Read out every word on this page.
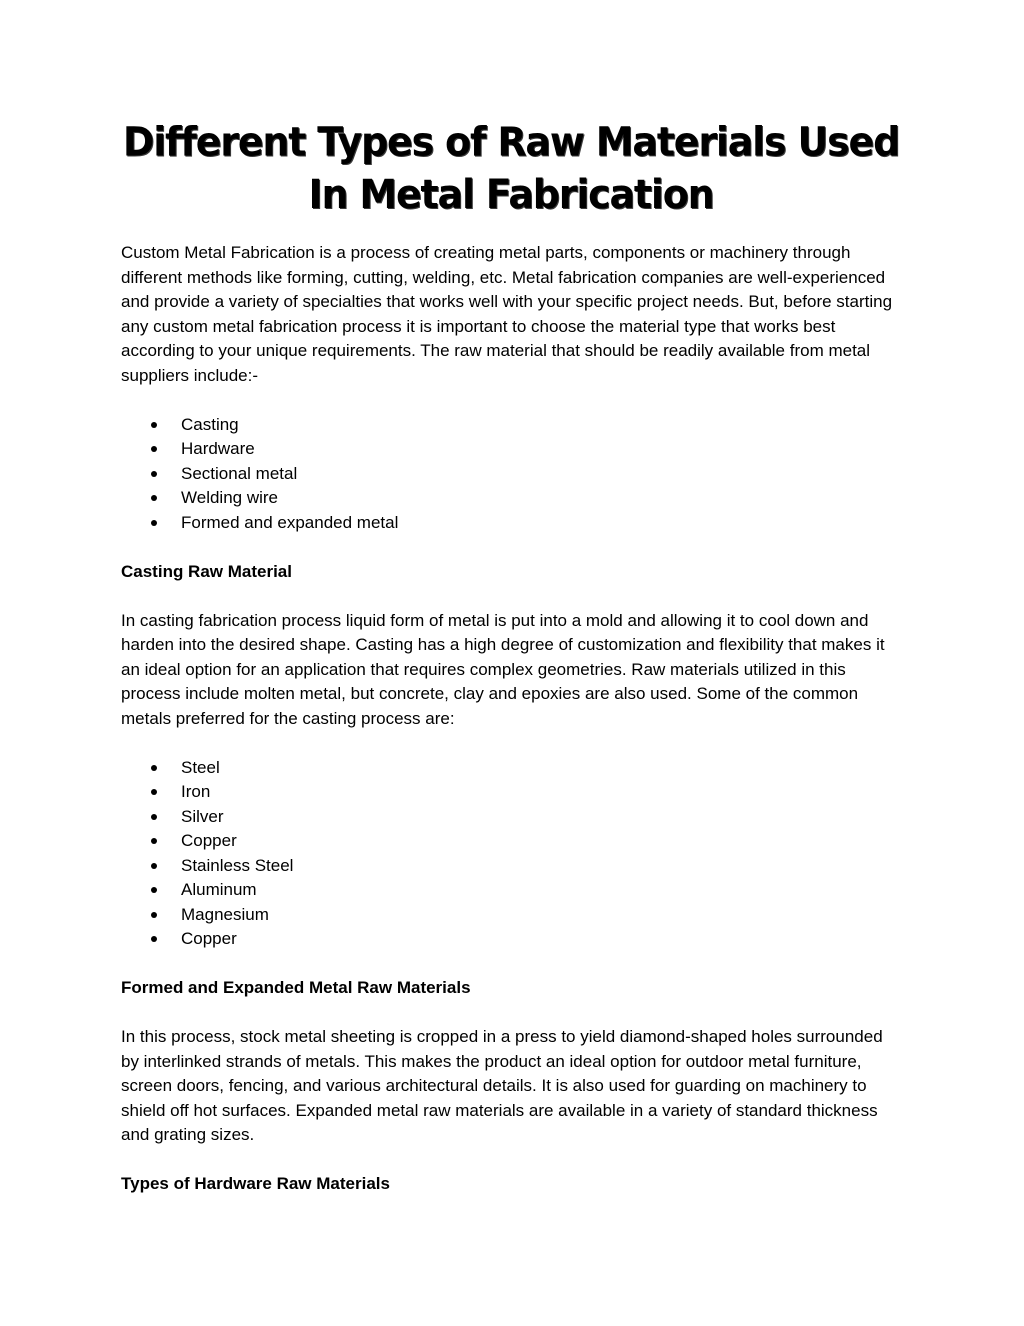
Different Types of Raw Materials Used In Metal Fabrication

Custom Metal Fabrication is a process of creating metal parts, components or machinery through different methods like forming, cutting, welding, etc. Metal fabrication companies are well-experienced and provide a variety of specialties that works well with your specific project needs. But, before starting any custom metal fabrication process it is important to choose the material type that works best according to your unique requirements. The raw material that should be readily available from metal suppliers include:-

Casting
Hardware
Sectional metal
Welding wire
Formed and expanded metal
Casting Raw Material

In casting fabrication process liquid form of metal is put into a mold and allowing it to cool down and harden into the desired shape. Casting has a high degree of customization and flexibility that makes it an ideal option for an application that requires complex geometries. Raw materials utilized in this process include molten metal, but concrete, clay and epoxies are also used. Some of the common metals preferred for the casting process are:

Steel
Iron
Silver
Copper
Stainless Steel
Aluminum
Magnesium
Copper
Formed and Expanded Metal Raw Materials

In this process, stock metal sheeting is cropped in a press to yield diamond-shaped holes surrounded by interlinked strands of metals. This makes the product an ideal option for outdoor metal furniture, screen doors, fencing, and various architectural details. It is also used for guarding on machinery to shield off hot surfaces. Expanded metal raw materials are available in a variety of standard thickness and grating sizes.

Types of Hardware Raw Materials
